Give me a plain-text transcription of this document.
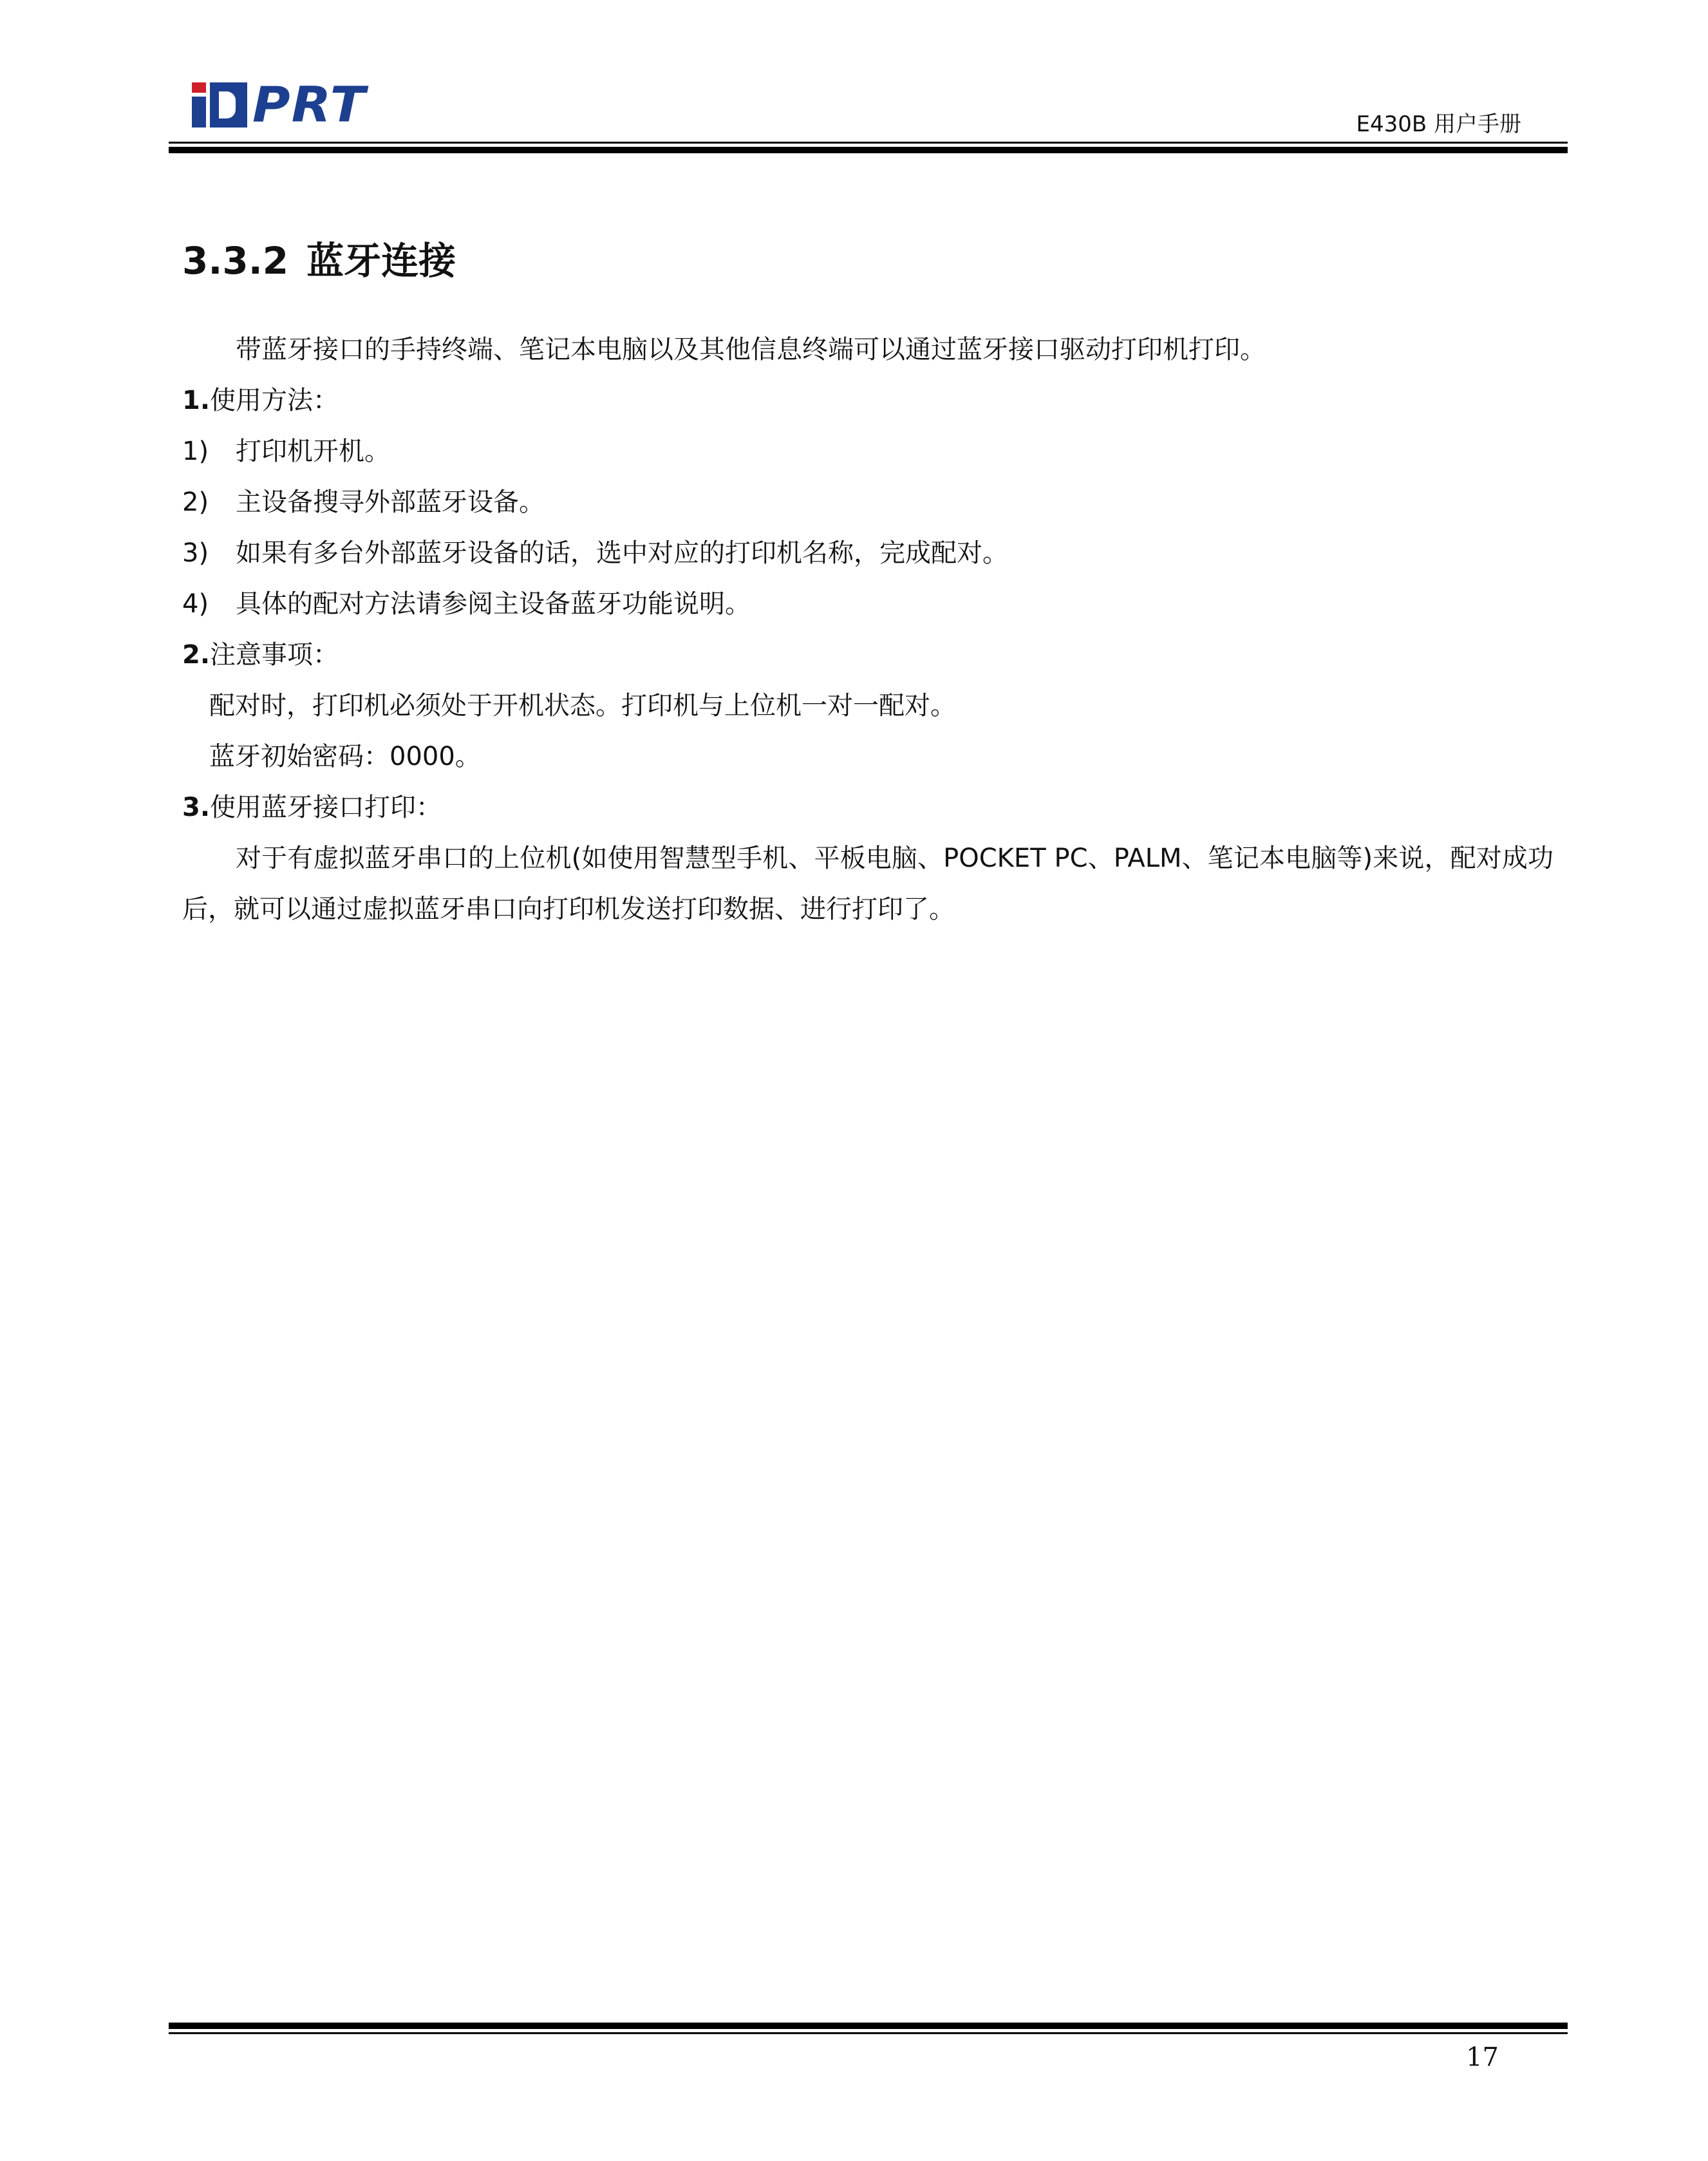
PRT	E430B 用户手册
3.3.2 蓝牙连接

带蓝牙接口的手持终端、笔记本电脑以及其他信息终端可以通过蓝牙接口驱动打印机打印。

1.使用方法：

1)	打印机开机。
2)	主设备搜寻外部蓝牙设备。
3)	如果有多台外部蓝牙设备的话，选中对应的打印机名称，完成配对。
4)	具体的配对方法请参阅主设备蓝牙功能说明。

2.注意事项：

配对时，打印机必须处于开机状态。打印机与上位机一对一配对。

蓝牙初始密码：0000。

3.使用蓝牙接口打印：

对于有虚拟蓝牙串口的上位机(如使用智慧型手机、平板电脑、POCKET PC、PALM、笔记本电脑等)来说，配对成功后，就可以通过虚拟蓝牙串口向打印机发送打印数据、进行打印了。

17
